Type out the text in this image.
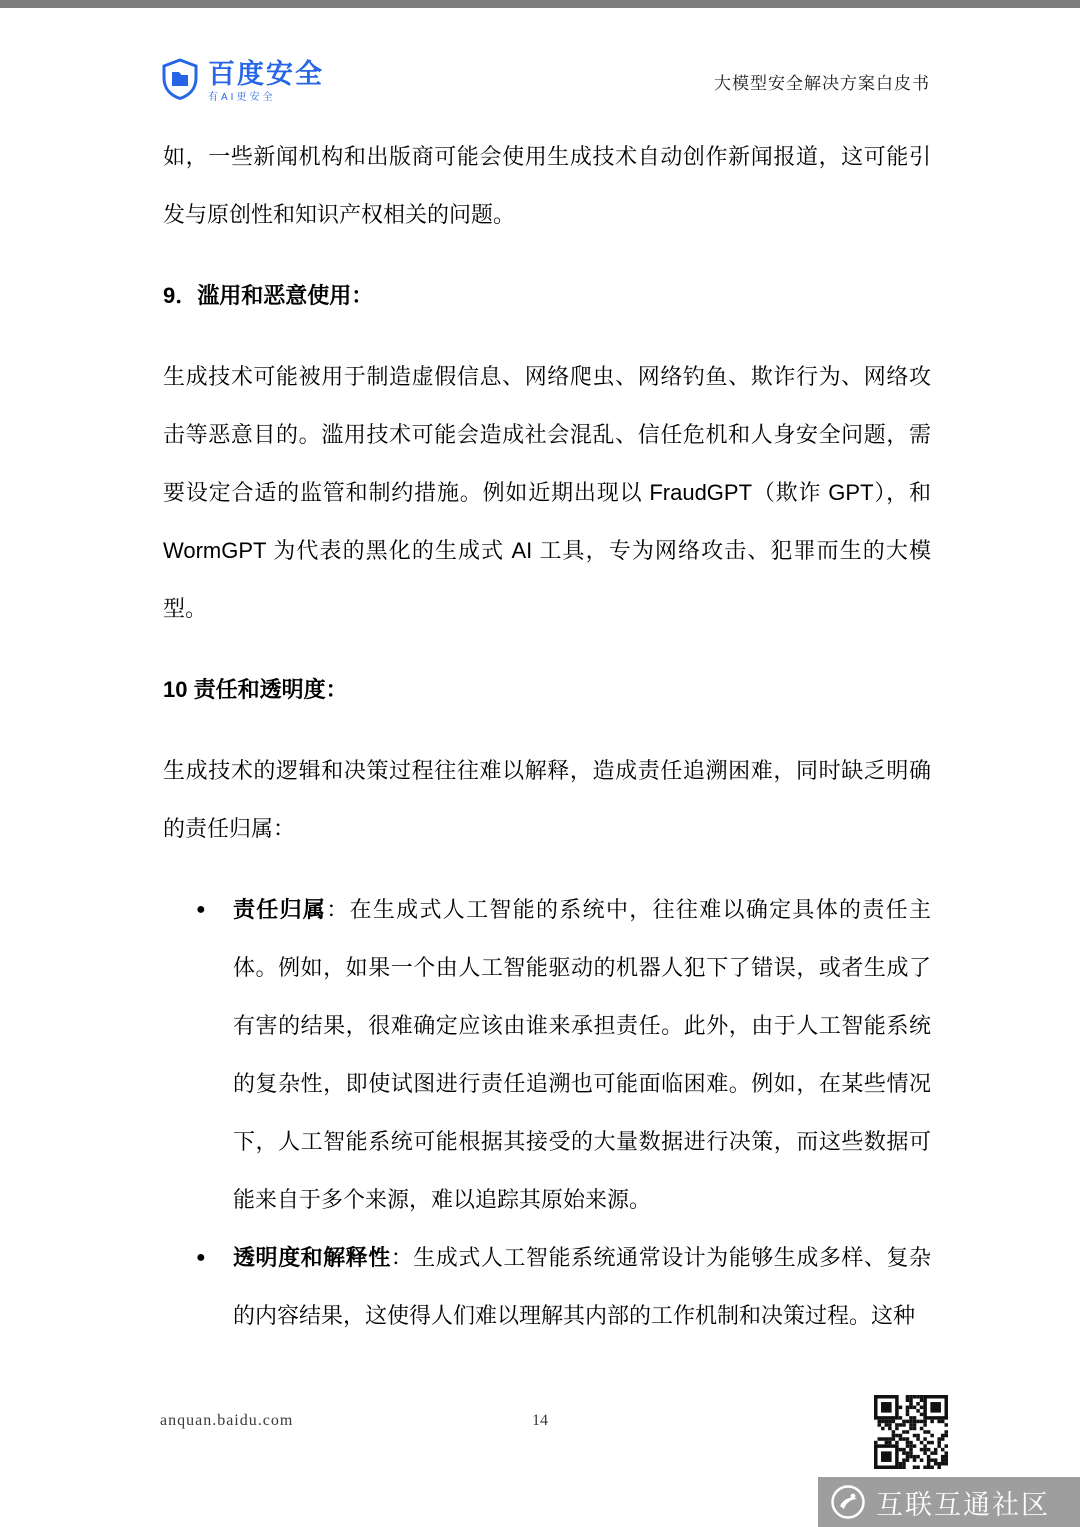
百度安全
有AI更安全
大模型安全解决方案白皮书

如，一些新闻机构和出版商可能会使用生成技术自动创作新闻报道，这可能引发与原创性和知识产权相关的问题。

9．滥用和恶意使用：

生成技术可能被用于制造虚假信息、网络爬虫、网络钓鱼、欺诈行为、网络攻击等恶意目的。滥用技术可能会造成社会混乱、信任危机和人身安全问题，需要设定合适的监管和制约措施。例如近期出现以 FraudGPT（欺诈 GPT），和 WormGPT 为代表的黑化的生成式 AI 工具，专为网络攻击、犯罪而生的大模型。

10 责任和透明度：

生成技术的逻辑和决策过程往往难以解释，造成责任追溯困难，同时缺乏明确的责任归属：

● 责任归属：在生成式人工智能的系统中，往往难以确定具体的责任主体。例如，如果一个由人工智能驱动的机器人犯下了错误，或者生成了有害的结果，很难确定应该由谁来承担责任。此外，由于人工智能系统的复杂性，即使试图进行责任追溯也可能面临困难。例如，在某些情况下，人工智能系统可能根据其接受的大量数据进行决策，而这些数据可能来自于多个来源，难以追踪其原始来源。
● 透明度和解释性：生成式人工智能系统通常设计为能够生成多样、复杂的内容结果，这使得人们难以理解其内部的工作机制和决策过程。这种
anquan.baidu.com	14
互联互通社区
